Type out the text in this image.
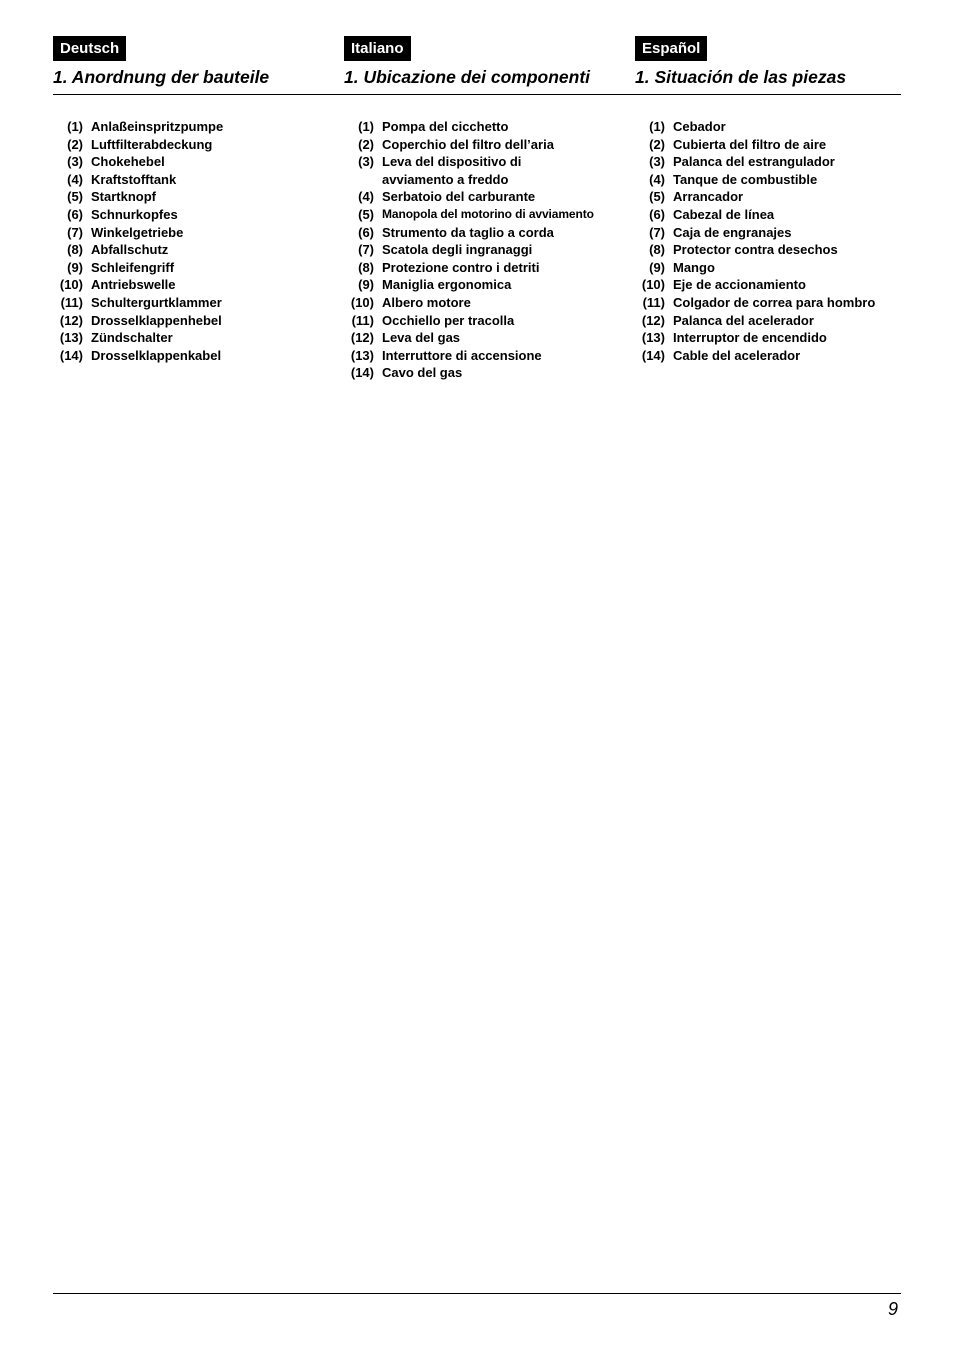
Deutsch
1. Anordnung der bauteile
Italiano
1. Ubicazione dei componenti
Español
1. Situación de las piezas
(1) Anlaßeinspritzpumpe
(2) Luftfilterabdeckung
(3) Chokehebel
(4) Kraftstofftank
(5) Startknopf
(6) Schnurkopfes
(7) Winkelgetriebe
(8) Abfallschutz
(9) Schleifengriff
(10) Antriebswelle
(11) Schultergurtklammer
(12) Drosselklappenhebel
(13) Zündschalter
(14) Drosselklappenkabel
(1) Pompa del cicchetto
(2) Coperchio del filtro dell’aria
(3) Leva del dispositivo di
avviamento a freddo
(4) Serbatoio del carburante
(5) Manopola del motorino di avviamento
(6) Strumento da taglio a corda
(7) Scatola degli ingranaggi
(8) Protezione contro i detriti
(9) Maniglia ergonomica
(10) Albero motore
(11) Occhiello per tracolla
(12) Leva del gas
(13) Interruttore di accensione
(14) Cavo del gas
(1) Cebador
(2) Cubierta del filtro de aire
(3) Palanca del estrangulador
(4) Tanque de combustible
(5) Arrancador
(6) Cabezal de línea
(7) Caja de engranajes
(8) Protector contra desechos
(9) Mango
(10) Eje de accionamiento
(11) Colgador de correa para hombro
(12) Palanca del acelerador
(13) Interruptor de encendido
(14) Cable del acelerador
9
